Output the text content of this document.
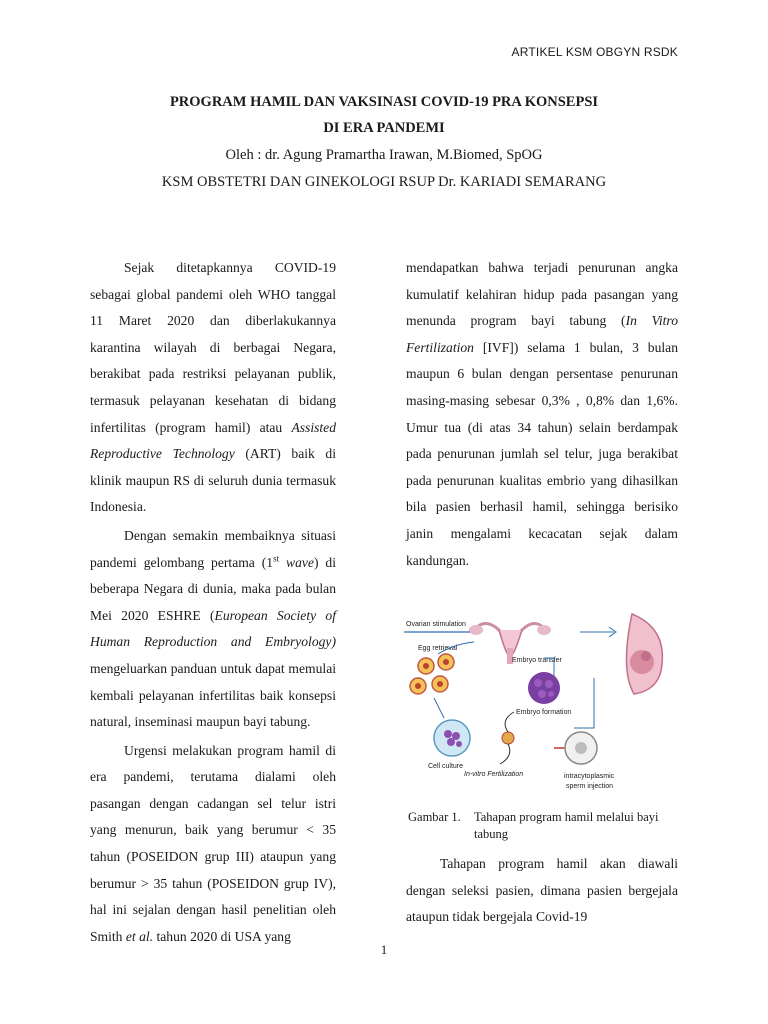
ARTIKEL KSM OBGYN RSDK
PROGRAM HAMIL DAN VAKSINASI COVID-19 PRA KONSEPSI
DI ERA PANDEMI
Oleh : dr. Agung Pramartha Irawan, M.Biomed, SpOG
KSM OBSTETRI DAN GINEKOLOGI RSUP Dr. KARIADI SEMARANG

Sejak ditetapkannya COVID-19 sebagai global pandemi oleh WHO tanggal 11 Maret 2020 dan diberlakukannya karantina wilayah di berbagai Negara, berakibat pada restriksi pelayanan publik, termasuk pelayanan kesehatan di bidang infertilitas (program hamil) atau Assisted Reproductive Technology (ART) baik di klinik maupun RS di seluruh dunia termasuk Indonesia.

Dengan semakin membaiknya situasi pandemi gelombang pertama (1st wave) di beberapa Negara di dunia, maka pada bulan Mei 2020 ESHRE (European Society of Human Reproduction and Embryology) mengeluarkan panduan untuk dapat memulai kembali pelayanan infertilitas baik konsepsi natural, inseminasi maupun bayi tabung.

Urgensi melakukan program hamil di era pandemi, terutama dialami oleh pasangan dengan cadangan sel telur istri yang menurun, baik yang berumur < 35 tahun (POSEIDON grup III) ataupun yang berumur > 35 tahun (POSEIDON grup IV), hal ini sejalan dengan hasil penelitian oleh Smith et al. tahun 2020 di USA yang

mendapatkan bahwa terjadi penurunan angka kumulatif kelahiran hidup pada pasangan yang menunda program bayi tabung (In Vitro Fertilization [IVF]) selama 1 bulan, 3 bulan maupun 6 bulan dengan persentase penurunan masing-masing sebesar 0,3% , 0,8% dan 1,6%. Umur tua (di atas 34 tahun) selain berdampak pada penurunan jumlah sel telur, juga berakibat pada penurunan kualitas embrio yang dihasilkan bila pasien berhasil hamil, sehingga berisiko janin mengalami kecacatan sejak dalam kandungan.

Ovarian stimulation
Egg retrieval
Embryo transfer
Embryo formation
Cell culture
In-vitro Fertilization	intracytoplasmic
sperm injection
Gambar 1. Tahapan program hamil melalui bayi
tabung

Tahapan program hamil akan diawali dengan seleksi pasien, dimana pasien bergejala ataupun tidak bergejala Covid-19

1
